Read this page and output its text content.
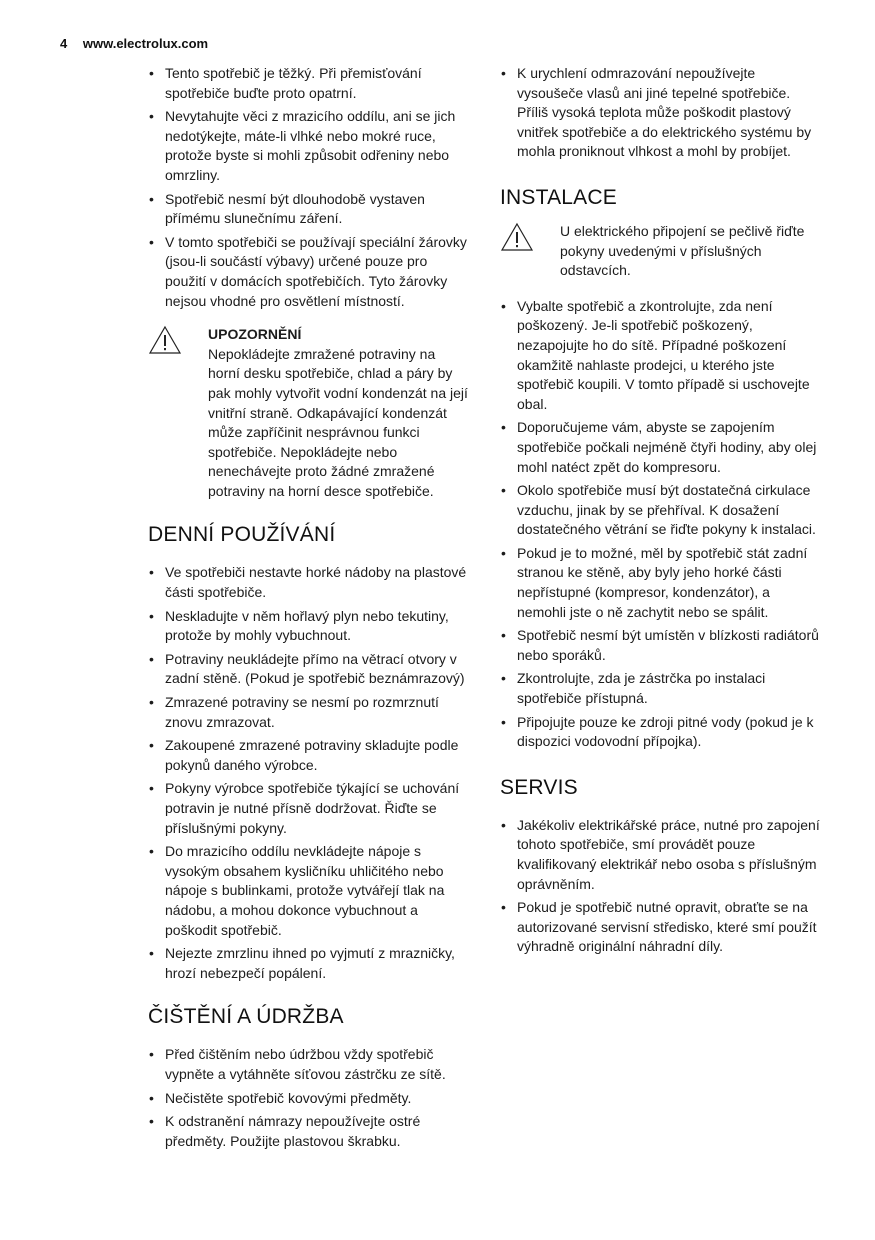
4 www.electrolux.com
• Tento spotřebič je těžký. Při přemisťování spotřebiče buďte proto opatrní.
• Nevytahujte věci z mrazicího oddílu, ani se jich nedotýkejte, máte-li vlhké nebo mokré ruce, protože byste si mohli způsobit odřeniny nebo omrzliny.
• Spotřebič nesmí být dlouhodobě vystaven přímému slunečnímu záření.
• V tomto spotřebiči se používají speciální žárovky (jsou-li součástí výbavy) určené pouze pro použití v domácích spotřebičích. Tyto žárovky nejsou vhodné pro osvětlení místností.
UPOZORNĚNÍ
Nepokládejte zmražené potraviny na horní desku spotřebiče, chlad a páry by pak mohly vytvořit vodní kondenzát na její vnitřní straně. Odkapávající kondenzát může zapříčinit nesprávnou funkci spotřebiče. Nepokládejte nebo nenechávejte proto žádné zmražené potraviny na horní desce spotřebiče.
DENNÍ POUŽÍVÁNÍ
• Ve spotřebiči nestavte horké nádoby na plastové části spotřebiče.
• Neskladujte v něm hořlavý plyn nebo tekutiny, protože by mohly vybuchnout.
• Potraviny neukládejte přímo na větrací otvory v zadní stěně. (Pokud je spotřebič beznámrazový)
• Zmrazené potraviny se nesmí po rozmrznutí znovu zmrazovat.
• Zakoupené zmrazené potraviny skladujte podle pokynů daného výrobce.
• Pokyny výrobce spotřebiče týkající se uchování potravin je nutné přísně dodržovat. Řiďte se příslušnými pokyny.
• Do mrazicího oddílu nevkládejte nápoje s vysokým obsahem kysličníku uhličitého nebo nápoje s bublinkami, protože vytvářejí tlak na nádobu, a mohou dokonce vybuchnout a poškodit spotřebič.
• Nejezte zmrzlinu ihned po vyjmutí z mrazničky, hrozí nebezpečí popálení.
ČIŠTĚNÍ A ÚDRŽBA
• Před čištěním nebo údržbou vždy spotřebič vypněte a vytáhněte síťovou zástrčku ze sítě.
• Nečistěte spotřebič kovovými předměty.
• K odstranění námrazy nepoužívejte ostré předměty. Použijte plastovou škrabku.
• K urychlení odmrazování nepoužívejte vysoušeče vlasů ani jiné tepelné spotřebiče. Příliš vysoká teplota může poškodit plastový vnitřek spotřebiče a do elektrického systému by mohla proniknout vlhkost a mohl by probíjet.
INSTALACE
U elektrického připojení se pečlivě řiďte pokyny uvedenými v příslušných odstavcích.
• Vybalte spotřebič a zkontrolujte, zda není poškozený. Je-li spotřebič poškozený, nezapojujte ho do sítě. Případné poškození okamžitě nahlaste prodejci, u kterého jste spotřebič koupili. V tomto případě si uschovejte obal.
• Doporučujeme vám, abyste se zapojením spotřebiče počkali nejméně čtyři hodiny, aby olej mohl natéct zpět do kompresoru.
• Okolo spotřebiče musí být dostatečná cirkulace vzduchu, jinak by se přehříval. K dosažení dostatečného větrání se řiďte pokyny k instalaci.
• Pokud je to možné, měl by spotřebič stát zadní stranou ke stěně, aby byly jeho horké části nepřístupné (kompresor, kondenzátor), a nemohli jste o ně zachytit nebo se spálit.
• Spotřebič nesmí být umístěn v blízkosti radiátorů nebo sporáků.
• Zkontrolujte, zda je zástrčka po instalaci spotřebiče přístupná.
• Připojujte pouze ke zdroji pitné vody (pokud je k dispozici vodovodní přípojka).
SERVIS
• Jakékoliv elektrikářské práce, nutné pro zapojení tohoto spotřebiče, smí provádět pouze kvalifikovaný elektrikář nebo osoba s příslušným oprávněním.
• Pokud je spotřebič nutné opravit, obraťte se na autorizované servisní středisko, které smí použít výhradně originální náhradní díly.
